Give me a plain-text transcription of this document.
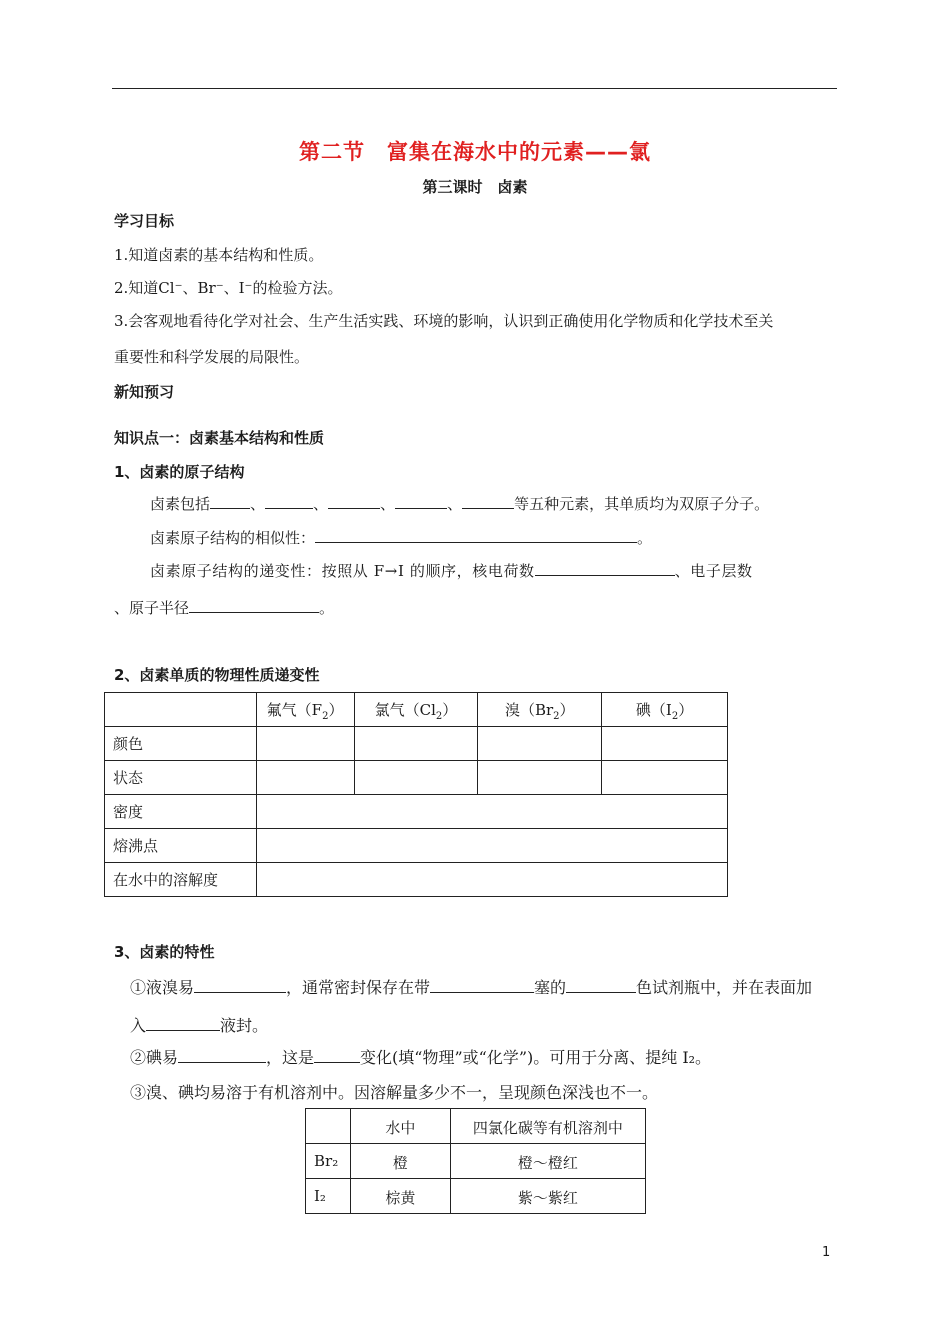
第二节　富集在海水中的元素——氯
第三课时　卤素
学习目标
1.知道卤素的基本结构和性质。
2.知道Cl⁻、Br⁻、I⁻的检验方法。
3.会客观地看待化学对社会、生产生活实践、环境的影响，认识到正确使用化学物质和化学技术至关
重要性和科学发展的局限性。
新知预习
知识点一：卤素基本结构和性质
1、卤素的原子结构
卤素包括	、	、	、	、	等五种元素，其单质均为双原子分子。
卤素原子结构的相似性：	。
卤素原子结构的递变性：按照从 F→I 的顺序，核电荷数	、电子层数
、原子半径	。
2、卤素单质的物理性质递变性
	氟气$(F_2)$	氯气$(Cl_2)$	溴$(Br_2)$	碘$(I_2)$
颜色				
状态				
密度				
熔沸点				
在水中的溶解度				
3、卤素的特性
①液溴易	，通常密封保存在带	塞的	色试剂瓶中，并在表面加
入	液封。
②碘易	，这是	变化(填“物理”或“化学”)。可用于分离、提纯 I₂。
③溴、碘均易溶于有机溶剂中。因溶解量多少不一，呈现颜色深浅也不一。
	水中	四氯化碳等有机溶剂中
Br₂	橙	橙～橙红
I₂	棕黄	紫～紫红
1
